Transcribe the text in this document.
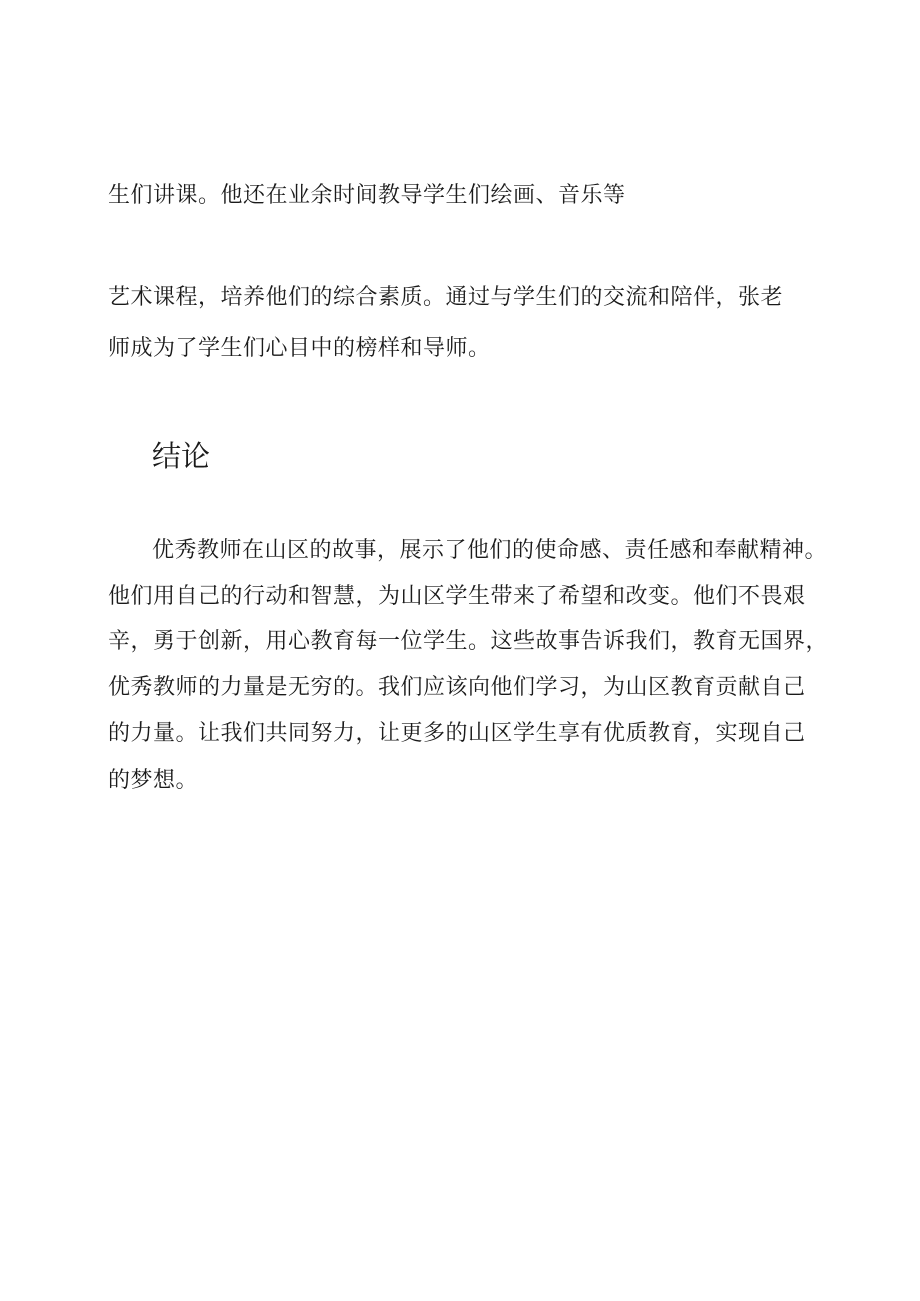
生们讲课。他还在业余时间教导学生们绘画、音乐等
艺术课程，培养他们的综合素质。通过与学生们的交流和陪伴，张老
师成为了学生们心目中的榜样和导师。
结论
优秀教师在山区的故事，展示了他们的使命感、责任感和奉献精神。
他们用自己的行动和智慧，为山区学生带来了希望和改变。他们不畏艰
辛，勇于创新，用心教育每一位学生。这些故事告诉我们，教育无国界，
优秀教师的力量是无穷的。我们应该向他们学习，为山区教育贡献自己
的力量。让我们共同努力，让更多的山区学生享有优质教育，实现自己
的梦想。
